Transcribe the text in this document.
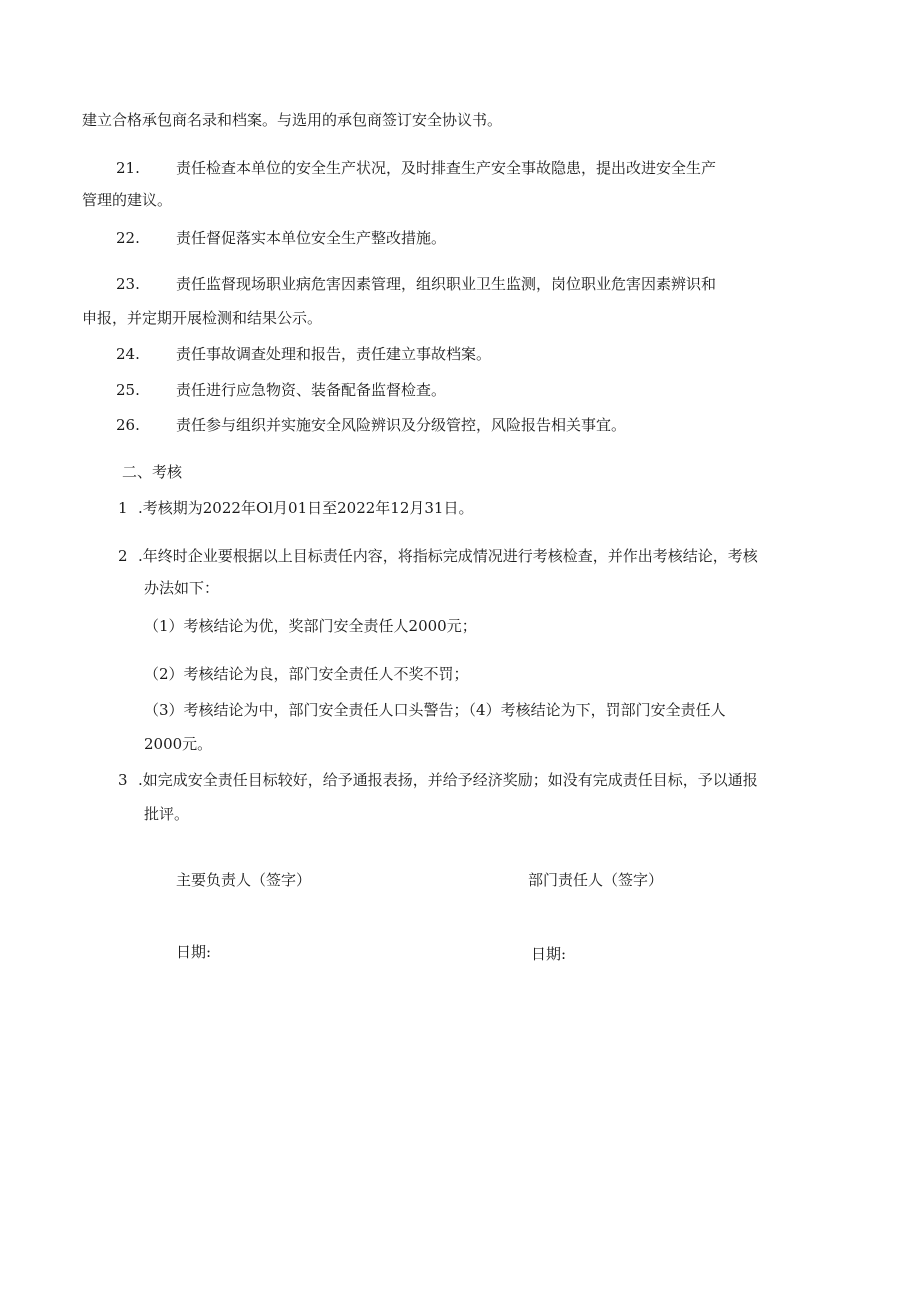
建立合格承包商名录和档案。与选用的承包商签订安全协议书。
21. 责任检查本单位的安全生产状况，及时排查生产安全事故隐患，提出改进安全生产
管理的建议。
22. 责任督促落实本单位安全生产整改措施。
23. 责任监督现场职业病危害因素管理，组织职业卫生监测，岗位职业危害因素辨识和
申报，并定期开展检测和结果公示。
24. 责任事故调查处理和报告，责任建立事故档案。
25. 责任进行应急物资、装备配备监督检查。
26. 责任参与组织并实施安全风险辨识及分级管控，风险报告相关事宜。
二、考核
1 .考核期为2022年Ol月01日至2022年12月31日。
2 .年终时企业要根据以上目标责任内容，将指标完成情况进行考核检查，并作出考核结论，考核
办法如下：
（1）考核结论为优，奖部门安全责任人2000元；
（2）考核结论为良，部门安全责任人不奖不罚；
（3）考核结论为中，部门安全责任人口头警告；（4）考核结论为下，罚部门安全责任人
2000元。
3 .如完成安全责任目标较好，给予通报表扬，并给予经济奖励；如没有完成责任目标，予以通报
批评。
主要负责人（签字）	部门责任人（签字）
日期:	日期:
